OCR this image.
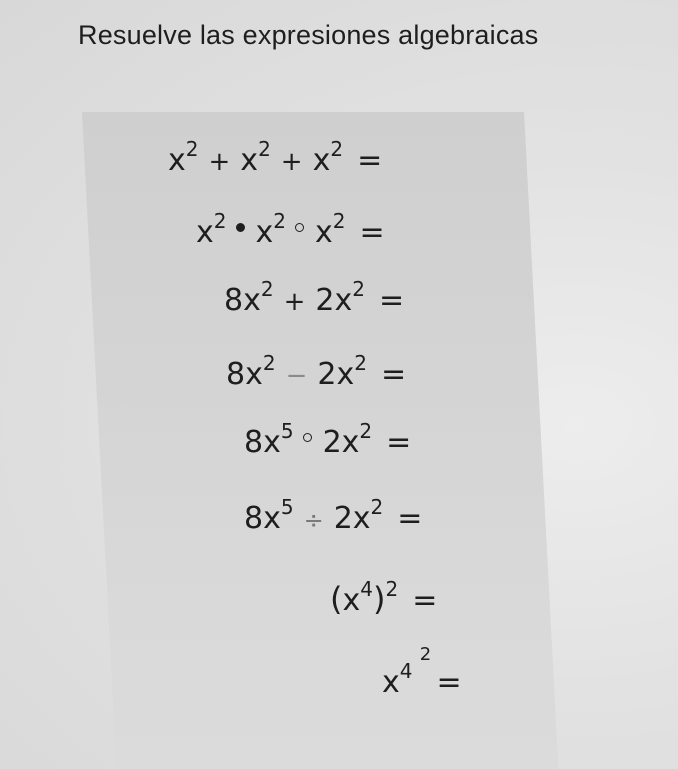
Resuelve las expresiones algebraicas

$x^2 + x^2 + x^2$ =

$x^2$ $x^2$ $x^2$ =

$8x^2 + 2x^2$ =

$8x^2 - 2x^2$ =

$8x^5$ $2x^2$ =

$8x^5 \div 2x^2$ =

$(x^4)^2$ =

$x^4$
2
=
